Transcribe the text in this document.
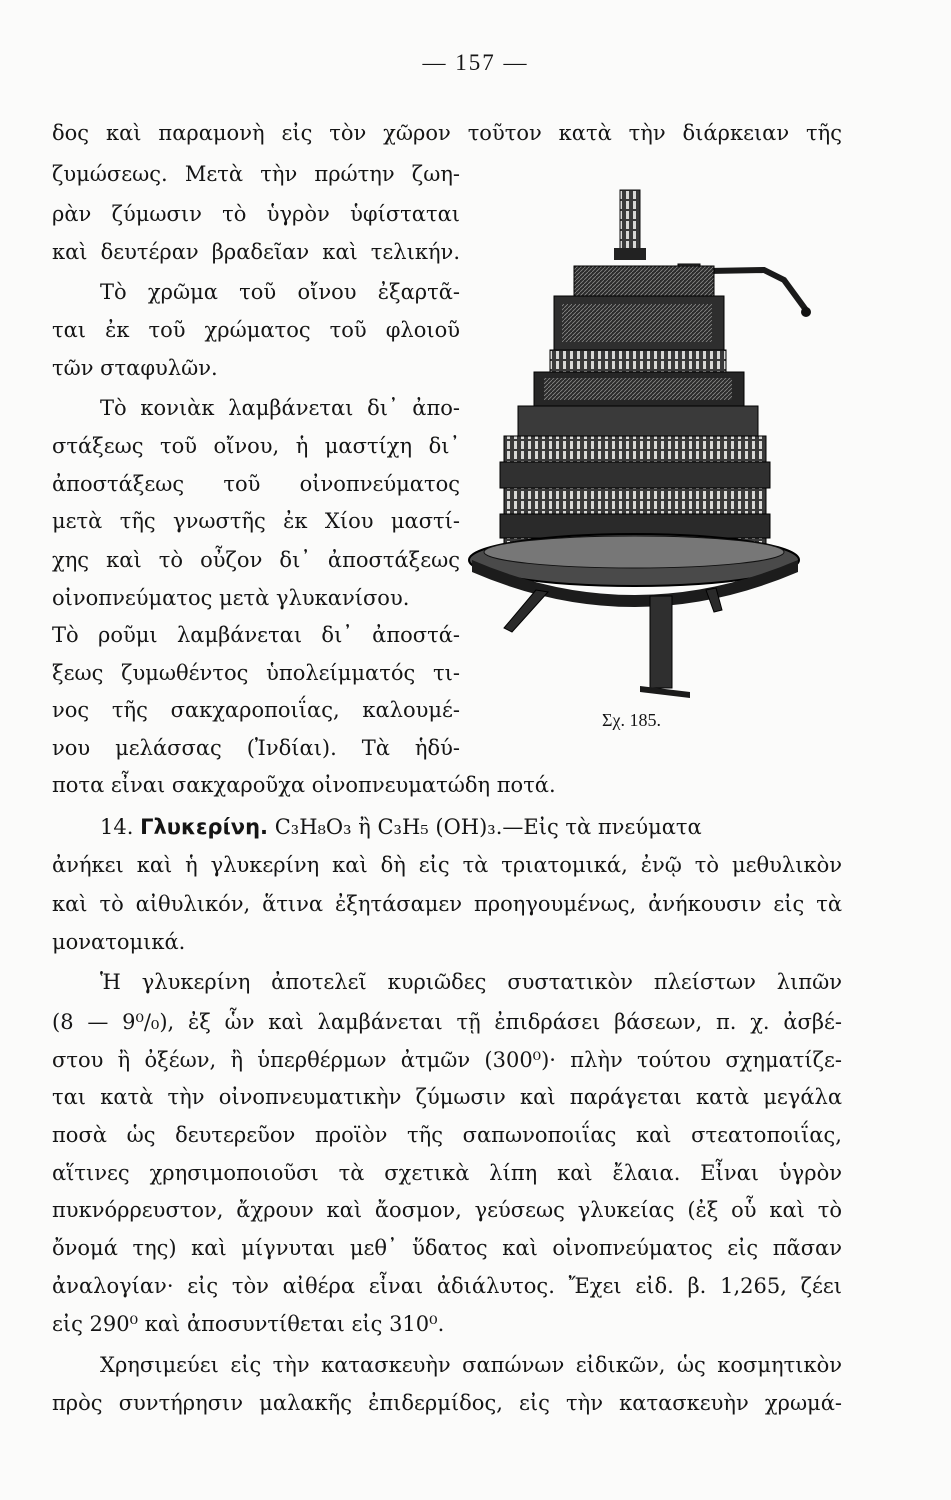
— 157 —
δος καὶ παραμονὴ εἰς τὸν χῶρον τοῦτον κατὰ τὴν διάρκειαν τῆς
ζυμώσεως. Μετὰ τὴν πρώτην ζωη-
ρὰν ζύμωσιν τὸ ὑγρὸν ὑφίσταται
καὶ δευτέραν βραδεῖαν καὶ τελικήν.
Τὸ χρῶμα τοῦ οἴνου ἐξαρτᾶ-
ται ἐκ τοῦ χρώματος τοῦ φλοιοῦ
τῶν σταφυλῶν.
Τὸ κονιὰκ λαμβάνεται δι᾽ ἀπο-
στάξεως τοῦ οἴνου, ἡ μαστίχη δι᾽
ἀποστάξεως τοῦ οἰνοπνεύματος
μετὰ τῆς γνωστῆς ἐκ Χίου μαστί-
χης καὶ τὸ οὖζον δι᾽ ἀποστάξεως
οἰνοπνεύματος μετὰ γλυκανίσου.
Τὸ ροῦμι λαμβάνεται δι᾽ ἀποστά-
ξεως ζυμωθέντος ὑπολείμματός τι-
νος τῆς σακχαροποιΐας, καλουμέ-
νου μελάσσας (Ἰνδίαι). Τὰ ἡδύ-
ποτα εἶναι σακχαροῦχα οἰνοπνευματώδη ποτά.
14. Γλυκερίνη. C₃H₈O₃ ἢ C₃H₅ (OH)₃.—Εἰς τὰ πνεύματα
ἀνήκει καὶ ἡ γλυκερίνη καὶ δὴ εἰς τὰ τριατομικά, ἐνῷ τὸ μεθυλικὸν
καὶ τὸ αἰθυλικόν, ἅτινα ἐξητάσαμεν προηγουμένως, ἀνήκουσιν εἰς τὰ
μονατομικά.
Ἡ γλυκερίνη ἀποτελεῖ κυριῶδες συστατικὸν πλείστων λιπῶν
(8 — 9⁰/₀), ἐξ ὧν καὶ λαμβάνεται τῇ ἐπιδράσει βάσεων, π. χ. ἀσβέ-
στου ἢ ὀξέων, ἢ ὑπερθέρμων ἀτμῶν (300⁰)· πλὴν τούτου σχηματίζε-
ται κατὰ τὴν οἰνοπνευματικὴν ζύμωσιν καὶ παράγεται κατὰ μεγάλα
ποσὰ ὡς δευτερεῦον προϊὸν τῆς σαπωνοποιΐας καὶ στεατοποιΐας,
αἵτινες χρησιμοποιοῦσι τὰ σχετικὰ λίπη καὶ ἔλαια. Εἶναι ὑγρὸν
πυκνόρρευστον, ἄχρουν καὶ ἄοσμον, γεύσεως γλυκείας (ἐξ οὗ καὶ τὸ
ὄνομά της) καὶ μίγνυται μεθ᾽ ὕδατος καὶ οἰνοπνεύματος εἰς πᾶσαν
ἀναλογίαν· εἰς τὸν αἰθέρα εἶναι ἀδιάλυτος. Ἔχει εἰδ. β. 1,265, ζέει
εἰς 290⁰ καὶ ἀποσυντίθεται εἰς 310⁰.
Χρησιμεύει εἰς τὴν κατασκευὴν σαπώνων εἰδικῶν, ὡς κοσμητικὸν
πρὸς συντήρησιν μαλακῆς ἐπιδερμίδος, εἰς τὴν κατασκευὴν χρωμά-
Σχ. 185.
